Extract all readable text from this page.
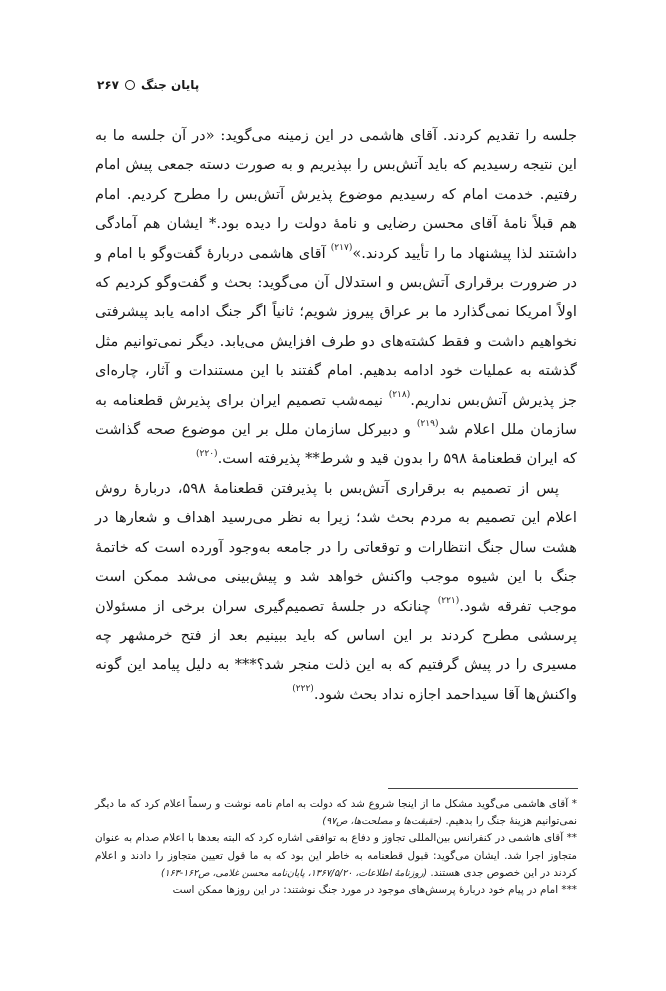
پایان جنگ
۲۶۷

جلسه را تقدیم کردند. آقای هاشمی در این زمینه می‌گوید: «در آن جلسه ما به این نتیجه رسیدیم که باید آتش‌بس را بپذیریم و به صورت دسته جمعی پیش امام رفتیم. خدمت امام که رسیدیم موضوع پذیرش آتش‌بس را مطرح کردیم. امام هم قبلاً نامهٔ آقای محسن رضایی و نامهٔ دولت را دیده بود.* ایشان هم آمادگی داشتند لذا پیشنهاد ما را تأیید کردند.»$^{(۲۱۷)}$ آقای هاشمی دربارهٔ گفت‌وگو با امام و در ضرورت برقراری آتش‌بس و استدلال آن می‌گوید: بحث و گفت‌وگو کردیم که اولاً امریکا نمی‌گذارد ما بر عراق پیروز شویم؛ ثانیاً اگر جنگ ادامه یابد پیشرفتی نخواهیم داشت و فقط کشته‌های دو طرف افزایش می‌یابد. دیگر نمی‌توانیم مثل گذشته به عملیات خود ادامه بدهیم. امام گفتند با این مستندات و آثار، چاره‌ای جز پذیرش آتش‌بس نداریم.$^{(۲۱۸)}$ نیمه‌شب تصمیم ایران برای پذیرش قطعنامه به سازمان ملل اعلام شد$^{(۲۱۹)}$ و دبیرکل سازمان ملل بر این موضوع صحه گذاشت که ایران قطعنامهٔ ۵۹۸ را بدون قید و شرط** پذیرفته است.$^{(۲۲۰)}$

پس از تصمیم به برقراری آتش‌بس با پذیرفتن قطعنامهٔ ۵۹۸، دربارهٔ روش اعلام این تصمیم به مردم بحث شد؛ زیرا به نظر می‌رسید اهداف و شعارها در هشت سال جنگ انتظارات و توقعاتی را در جامعه به‌وجود آورده است که خاتمهٔ جنگ با این شیوه موجب واکنش خواهد شد و پیش‌بینی می‌شد ممکن است موجب تفرقه شود.$^{(۲۲۱)}$ چنانکه در جلسهٔ تصمیم‌گیری سران برخی از مسئولان پرسشی مطرح کردند بر این اساس که باید ببینیم بعد از فتح خرمشهر چه مسیری را در پیش گرفتیم که به این ذلت منجر شد؟*** به دلیل پیامد این گونه واکنش‌ها آقا سیداحمد اجازه نداد بحث شود.$^{(۲۲۲)}$

* آقای هاشمی می‌گوید مشکل ما از اینجا شروع شد که دولت به امام نامه نوشت و رسماً اعلام کرد که ما دیگر نمی‌توانیم هزینهٔ جنگ را بدهیم. (حقیقت‌ها و مصلحت‌ها، ص۹۷)

** آقای هاشمی در کنفرانس بین‌المللی تجاوز و دفاع به توافقی اشاره کرد که البته بعدها با اعلام صدام به عنوان متجاوز اجرا شد. ایشان می‌گوید: قبول قطعنامه به خاطر این بود که به ما قول تعیین متجاوز را دادند و اعلام کردند در این خصوص جدی هستند. (روزنامهٔ اطلاعات، ۱۳۶۷/۵/۲۰، پایان‌نامه محسن غلامی، ص۱۶۲-۱۶۳)

*** امام در پیام خود دربارهٔ پرسش‌های موجود در مورد جنگ نوشتند: در این روزها ممکن است
